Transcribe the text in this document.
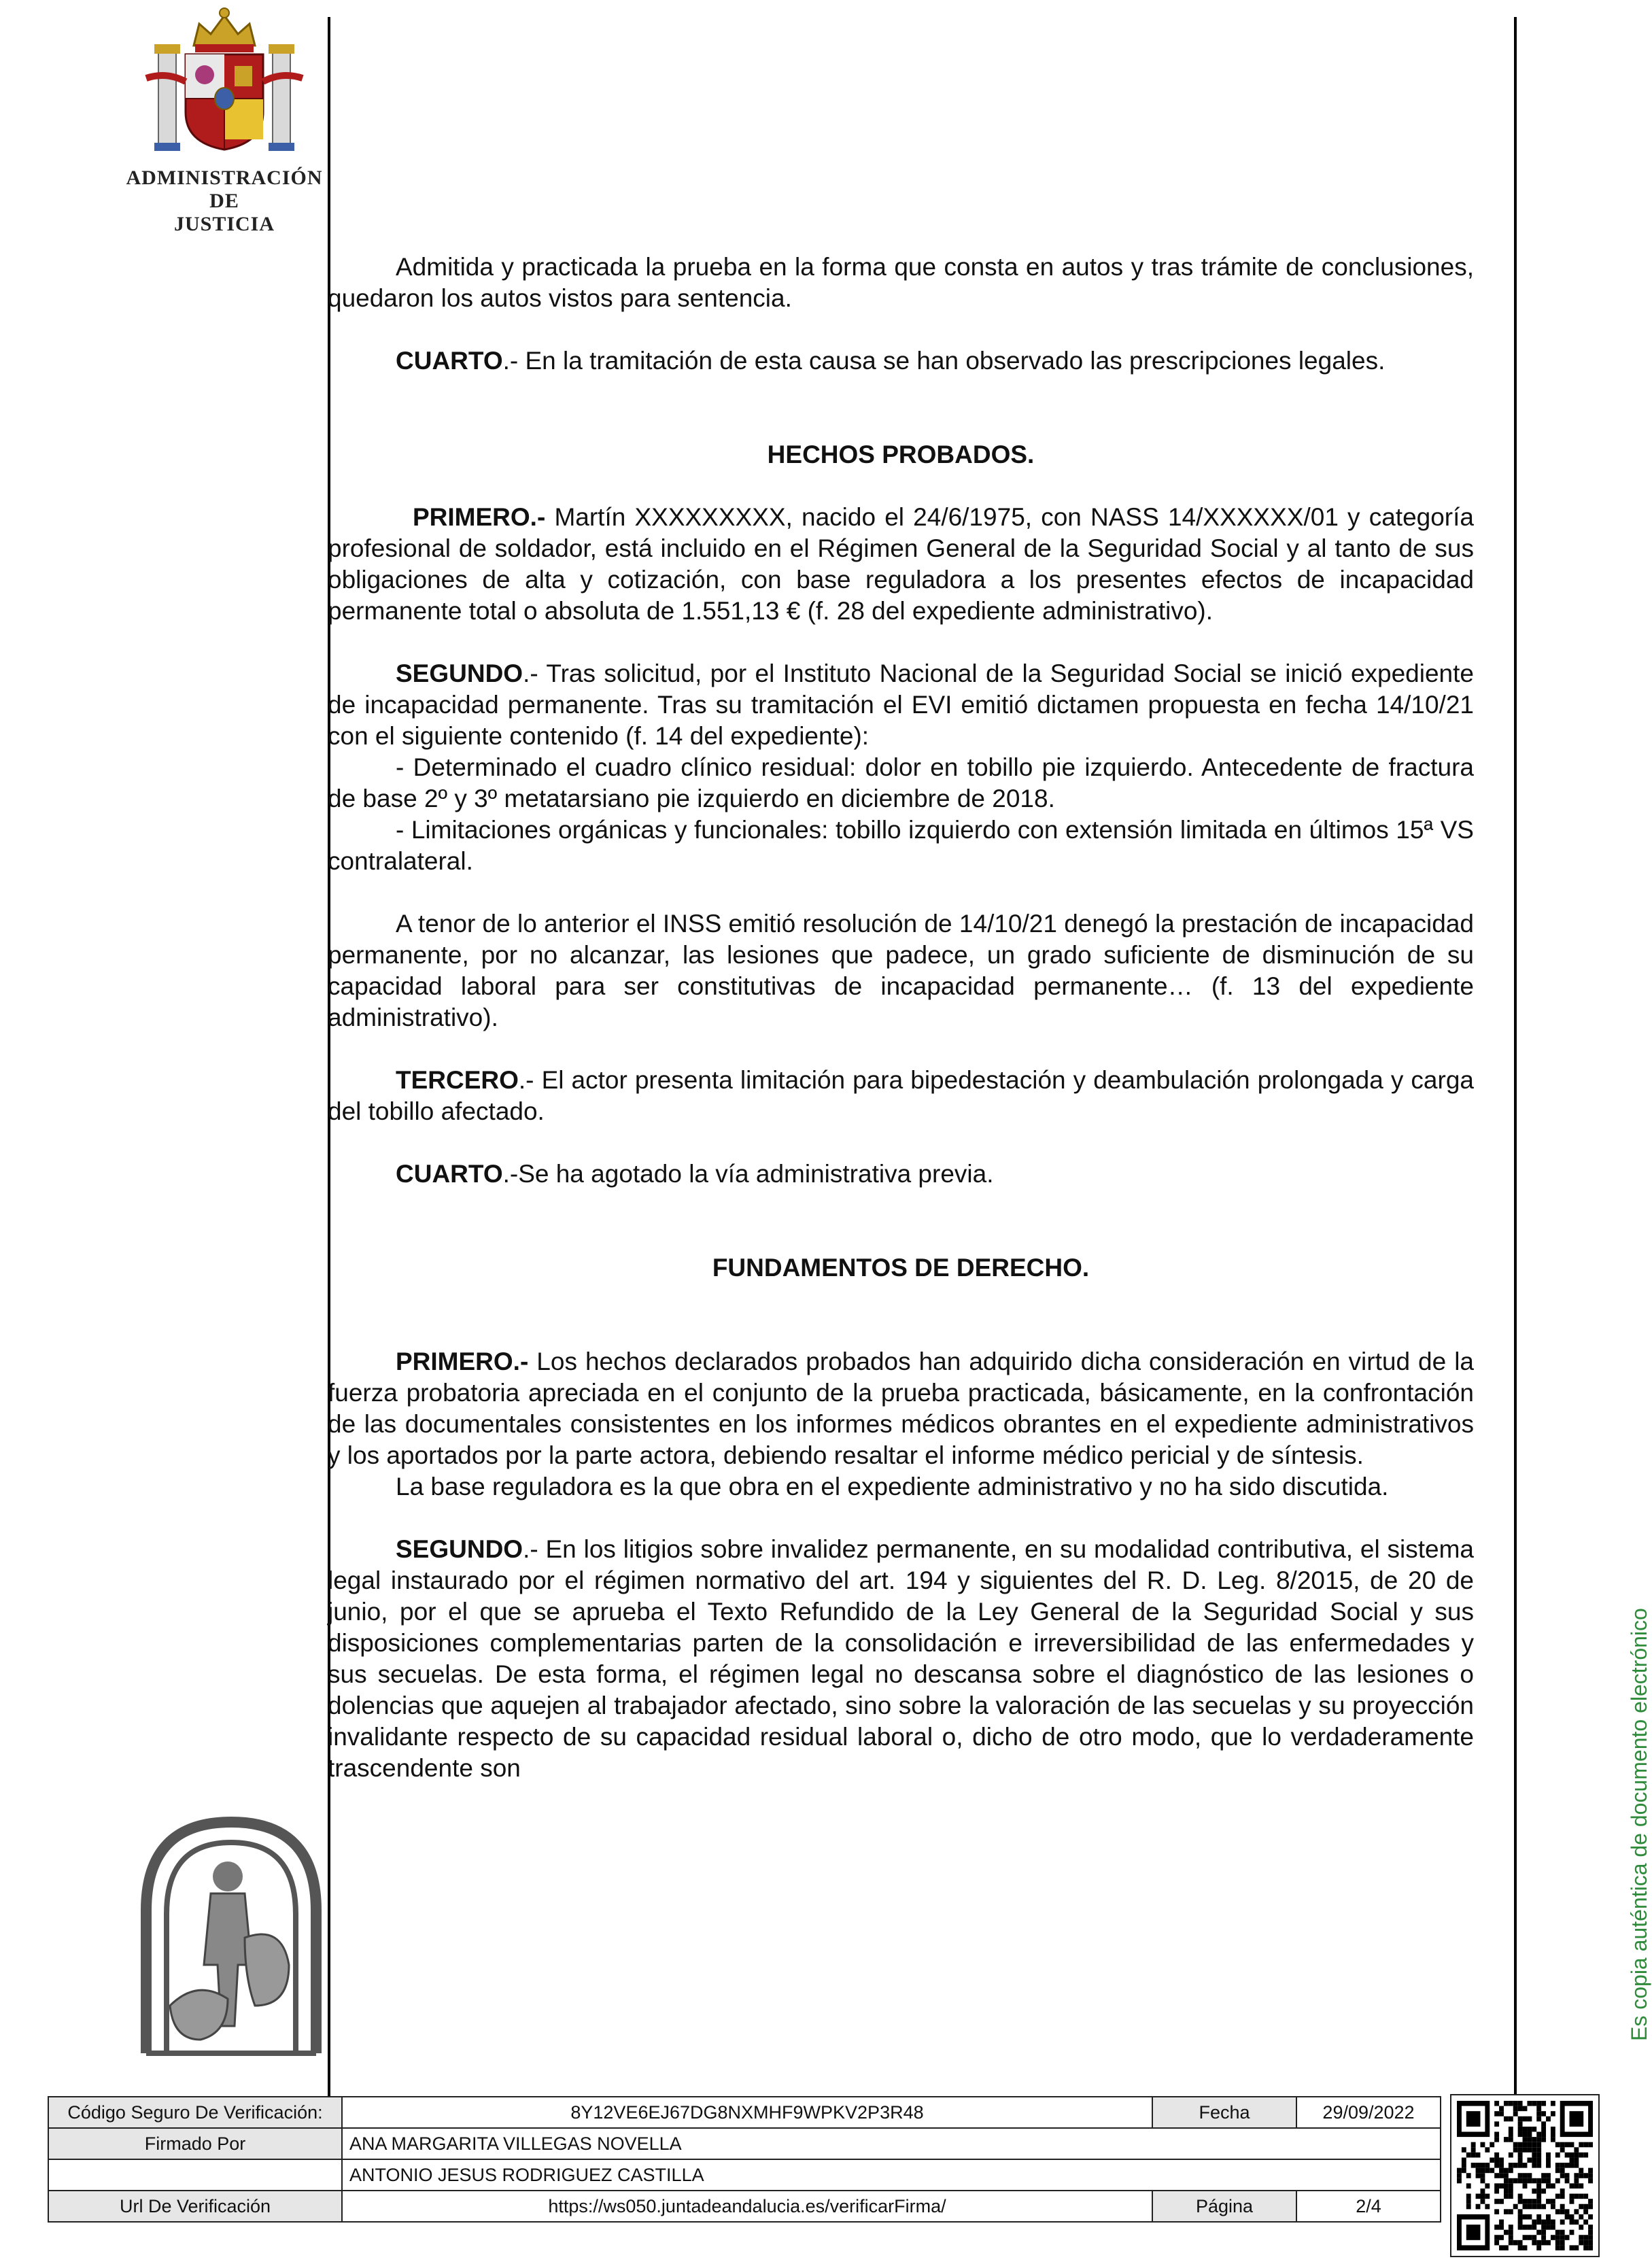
ADMINISTRACIÓN
DE
JUSTICIA

Admitida y practicada la prueba en la forma que consta en autos y tras trámite de conclusiones, quedaron los autos vistos para sentencia.

CUARTO.- En la tramitación de esta causa se han observado las prescripciones legales.

HECHOS PROBADOS.

PRIMERO.- Martín XXXXXXXXX, nacido el 24/6/1975, con NASS 14/XXXXXX/01 y categoría profesional de soldador, está incluido en el Régimen General de la Seguridad Social y al tanto de sus obligaciones de alta y cotización, con base reguladora a los presentes efectos de incapacidad permanente total o absoluta de 1.551,13 € (f. 28 del expediente administrativo).

SEGUNDO.- Tras solicitud, por el Instituto Nacional de la Seguridad Social se inició expediente de incapacidad permanente. Tras su tramitación el EVI emitió dictamen propuesta en fecha 14/10/21 con el siguiente contenido (f. 14 del expediente):

- Determinado el cuadro clínico residual: dolor en tobillo pie izquierdo. Antecedente de fractura de base 2º y 3º metatarsiano pie izquierdo en diciembre de 2018.

- Limitaciones orgánicas y funcionales: tobillo izquierdo con extensión limitada en últimos 15ª VS contralateral.

A tenor de lo anterior el INSS emitió resolución de 14/10/21 denegó la prestación de incapacidad permanente, por no alcanzar, las lesiones que padece, un grado suficiente de disminución de su capacidad laboral para ser constitutivas de incapacidad permanente… (f. 13 del expediente administrativo).

TERCERO.- El actor presenta limitación para bipedestación y deambulación prolongada y carga del tobillo afectado.

CUARTO.-Se ha agotado la vía administrativa previa.

FUNDAMENTOS DE DERECHO.

PRIMERO.- Los hechos declarados probados han adquirido dicha consideración en virtud de la fuerza probatoria apreciada en el conjunto de la prueba practicada, básicamente, en la confrontación de las documentales consistentes en los informes médicos obrantes en el expediente administrativos y los aportados por la parte actora, debiendo resaltar el informe médico pericial y de síntesis.

La base reguladora es la que obra en el expediente administrativo y no ha sido discutida.

SEGUNDO.- En los litigios sobre invalidez permanente, en su modalidad contributiva, el sistema legal instaurado por el régimen normativo del art. 194 y siguientes del R. D. Leg. 8/2015, de 20 de junio, por el que se aprueba el Texto Refundido de la Ley General de la Seguridad Social y sus disposiciones complementarias parten de la consolidación e irreversibilidad de las enfermedades y sus secuelas. De esta forma, el régimen legal no descansa sobre el diagnóstico de las lesiones o dolencias que aquejen al trabajador afectado, sino sobre la valoración de las secuelas y su proyección invalidante respecto de su capacidad residual laboral o, dicho de otro modo, que lo verdaderamente trascendente son	Es copia auténtica de documento electrónico
Código Seguro De Verificación:	8Y12VE6EJ67DG8NXMHF9WPKV2P3R48	Fecha	29/09/2022
Firmado Por	ANA MARGARITA VILLEGAS NOVELLA		
	ANTONIO JESUS RODRIGUEZ CASTILLA		
Url De Verificación	https://ws050.juntadeandalucia.es/verificarFirma/	Página	2/4
